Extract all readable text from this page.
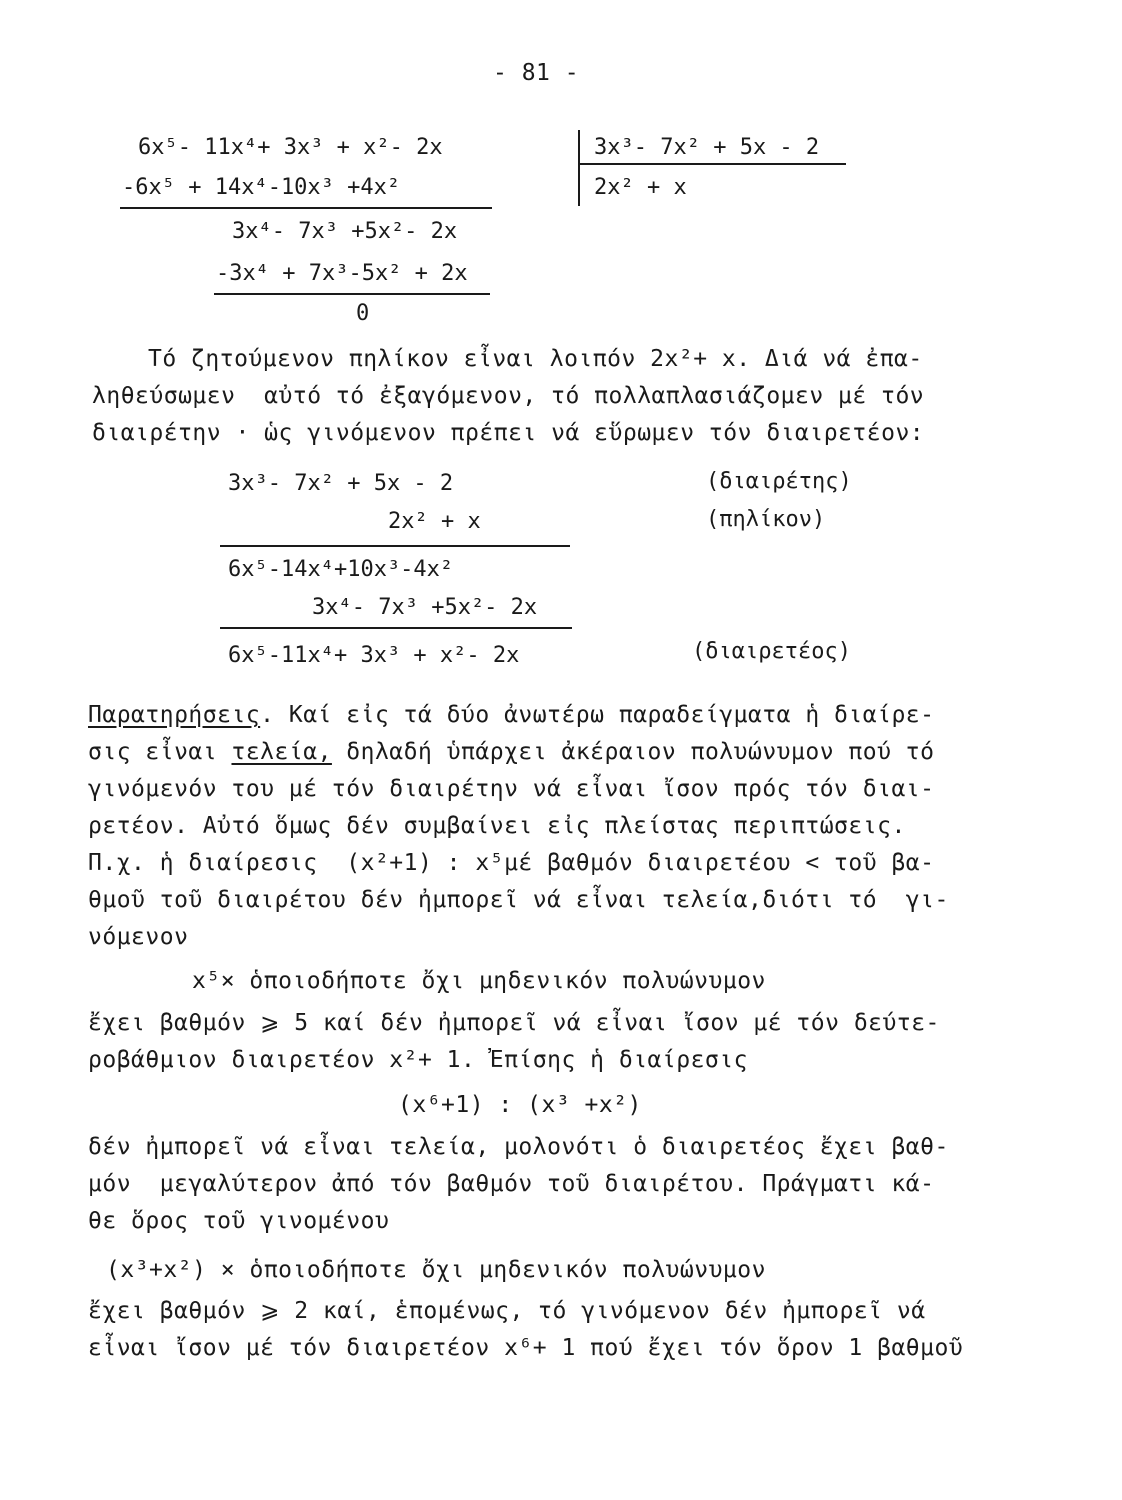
- 81 -
6x⁵- 11x⁴+ 3x³ + x²- 2x
-6x⁵ + 14x⁴-10x³ +4x²
3x⁴- 7x³ +5x²- 2x
-3x⁴ + 7x³-5x² + 2x
0
3x³- 7x² + 5x - 2
2x² + x
Τό ζητούμενον πηλίκον εἶναι λοιπόν 2x²+ x. Διά νά ἐπα-
ληθεύσωμεν  αὐτό τό ἐξαγόμενον, τό πολλαπλασιάζομεν μέ τόν
διαιρέτην · ὡς γινόμενον πρέπει νά εὕρωμεν τόν διαιρετέον:
3x³- 7x² + 5x - 2	(διαιρέτης)
2x² + x	(πηλίκον)
6x⁵-14x⁴+10x³-4x²
3x⁴- 7x³ +5x²- 2x
6x⁵-11x⁴+ 3x³ + x²- 2x	(διαιρετέος)
Παρατηρήσεις. Καί εἰς τά δύο ἀνωτέρω παραδείγματα ἡ διαίρε-
σις εἶναι τελεία, δηλαδή ὑπάρχει ἀκέραιον πολυώνυμον πού τό
γινόμενόν του μέ τόν διαιρέτην νά εἶναι ἴσον πρός τόν διαι-
ρετέον. Αὐτό ὅμως δέν συμβαίνει εἰς πλείστας περιπτώσεις.
Π.χ. ἡ διαίρεσις  (x²+1) : x⁵μέ βαθμόν διαιρετέου < τοῦ βα-
θμοῦ τοῦ διαιρέτου δέν ἠμπορεῖ νά εἶναι τελεία,διότι τό  γι-
νόμενον
x⁵× ὁποιοδήποτε ὄχι μηδενικόν πολυώνυμον
ἔχει βαθμόν ⩾ 5 καί δέν ἠμπορεῖ νά εἶναι ἴσον μέ τόν δεύτε-
ροβάθμιον διαιρετέον x²+ 1. Ἐπίσης ἡ διαίρεσις
(x⁶+1) : (x³ +x²)
δέν ἠμπορεῖ νά εἶναι τελεία, μολονότι ὁ διαιρετέος ἔχει βαθ-
μόν  μεγαλύτερον ἀπό τόν βαθμόν τοῦ διαιρέτου. Πράγματι κά-
θε ὅρος τοῦ γινομένου
(x³+x²) × ὁποιοδήποτε ὄχι μηδενικόν πολυώνυμον
ἔχει βαθμόν ⩾ 2 καί, ἑπομένως, τό γινόμενον δέν ἠμπορεῖ νά
εἶναι ἴσον μέ τόν διαιρετέον x⁶+ 1 πού ἔχει τόν ὅρον 1 βαθμοῦ
